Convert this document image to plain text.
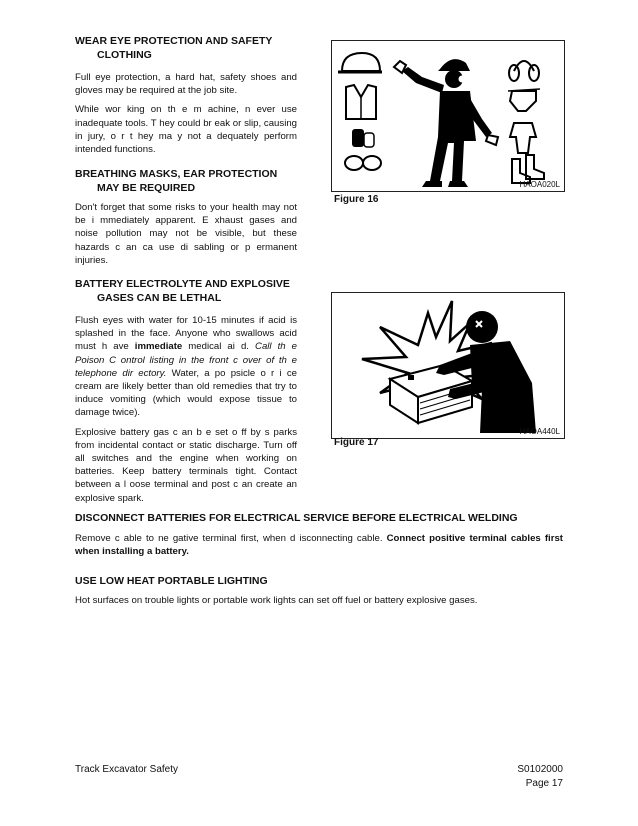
WEAR EYE PROTECTION AND SAFETY
CLOTHING

Full eye protection, a hard hat, safety shoes and gloves may be required at the job site.

While wor king on th e m achine, n ever use inadequate tools. T hey could br eak or slip, causing in jury, o r t hey ma y not a dequately perform intended functions.

BREATHING MASKS, EAR PROTECTION
MAY BE REQUIRED

Don't forget that some risks to your health may not be i mmediately apparent. E xhaust gases and noise pollution may not be visible, but these hazards c an ca use di sabling or p ermanent injuries.

BATTERY ELECTROLYTE AND EXPLOSIVE
GASES CAN BE LETHAL

Flush eyes with water for 10-15 minutes if acid is splashed in the face. Anyone who swallows acid must h ave immediate medical ai d. Call th e Poison C ontrol listing in the front c over of th e telephone dir ectory. Water, a po psicle o r i ce cream are likely better than old remedies that try to induce vomiting (which would expose tissue to damage twice).

Explosive battery gas c an b e set o ff by s parks from incidental contact or static discharge. Turn off all switches and the engine when working on batteries. Keep battery terminals tight. Contact between a l oose terminal and post c an create an explosive spark.

HAOA020L
Figure 16
HAOA440L
Figure 17
DISCONNECT BATTERIES FOR ELECTRICAL SERVICE BEFORE ELECTRICAL WELDING

Remove c able to ne gative terminal first, when d isconnecting cable. Connect positive terminal cables first when installing a battery.

USE LOW HEAT PORTABLE LIGHTING

Hot surfaces on trouble lights or portable work lights can set off fuel or battery explosive gases.

Track Excavator Safety	S0102000
Page 17
